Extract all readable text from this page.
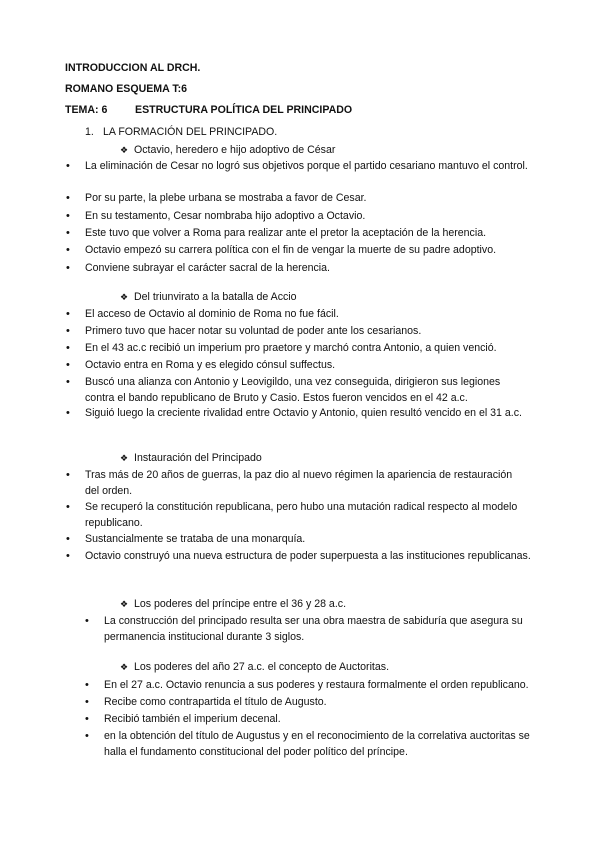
INTRODUCCION AL DRCH.
ROMANO ESQUEMA T:6
TEMA: 6	ESTRUCTURA POLÍTICA DEL PRINCIPADO
1. LA FORMACIÓN DEL PRINCIPADO.
❖ Octavio, heredero e hijo adoptivo de César
• La eliminación de Cesar no logró sus objetivos porque el partido cesariano mantuvo el control.
• Por su parte, la plebe urbana se mostraba a favor de Cesar.
• En su testamento, Cesar nombraba hijo adoptivo a Octavio.
• Este tuvo que volver a Roma para realizar ante el pretor la aceptación de la herencia.
• Octavio empezó su carrera política con el fin de vengar la muerte de su padre adoptivo.
• Conviene subrayar el carácter sacral de la herencia.
❖ Del triunvirato a la batalla de Accio
• El acceso de Octavio al dominio de Roma no fue fácil.
• Primero tuvo que hacer notar su voluntad de poder ante los cesarianos.
• En el 43 ac.c recibió un imperium pro praetore y marchó contra Antonio, a quien venció.
• Octavio entra en Roma y es elegido cónsul suffectus.
• Buscó una alianza con Antonio y Leovigildo, una vez conseguida, dirigieron sus legiones contra el bando republicano de Bruto y Casio. Estos fueron vencidos en el 42 a.c.
• Siguió luego la creciente rivalidad entre Octavio y Antonio, quien resultó vencido en el 31 a.c.
❖ Instauración del Principado
• Tras más de 20 años de guerras, la paz dio al nuevo régimen la apariencia de restauración del orden.
• Se recuperó la constitución republicana, pero hubo una mutación radical respecto al modelo republicano.
• Sustancialmente se trataba de una monarquía.
• Octavio construyó una nueva estructura de poder superpuesta a las instituciones republicanas.
❖ Los poderes del príncipe entre el 36 y 28 a.c.
• La construcción del principado resulta ser una obra maestra de sabiduría que asegura su permanencia institucional durante 3 siglos.
❖ Los poderes del año 27 a.c. el concepto de Auctoritas.
• En el 27 a.c. Octavio renuncia a sus poderes y restaura formalmente el orden republicano.
• Recibe como contrapartida el título de Augusto.
• Recibió también el imperium decenal.
• en la obtención del título de Augustus y en el reconocimiento de la correlativa auctoritas se halla el fundamento constitucional del poder político del príncipe.
